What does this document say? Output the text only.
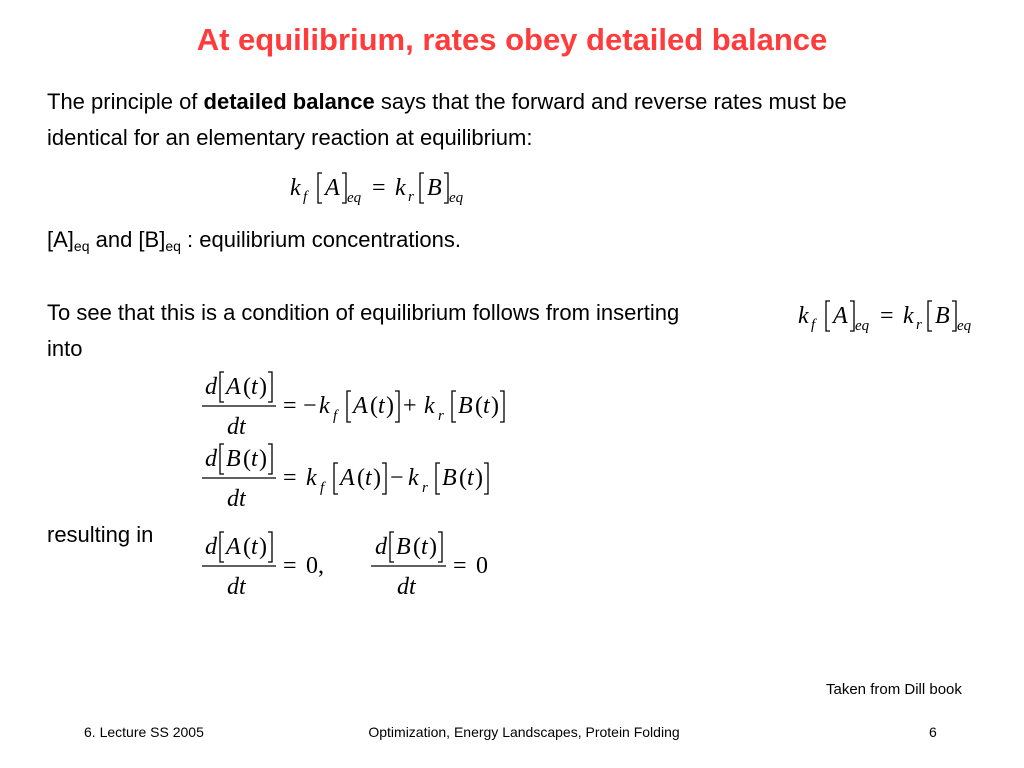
At equilibrium, rates obey detailed balance
The principle of detailed balance says that the forward and reverse rates must be
identical for an elementary reaction at equilibrium:
k f A eq = k r B eq
$[A]_{eq}$ and $[B]_{eq}$ : equilibrium concentrations.
To see that this is a condition of equilibrium follows from inserting
into
k f A eq = k r B eq
d A ( t )
dt
= − k f A ( t ) + k r B ( t )
d B ( t )
dt
= k f A ( t ) − k r B ( t )
resulting in d A ( t )
dt
= 0,
d B ( t )
dt
= 0
Taken from Dill book
6. Lecture SS 2005	Optimization, Energy Landscapes, Protein Folding	6
